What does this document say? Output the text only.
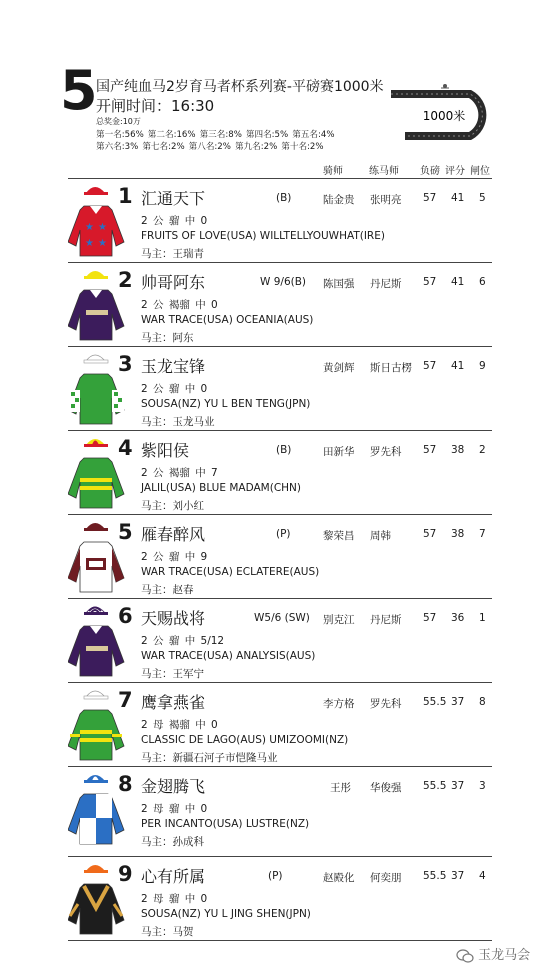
5
国产纯血马2岁育马者杯系列赛-平磅赛1000米
开闸时间：16:30
总奖金:10万
第一名:56% 第二名:16% 第三名:8% 第四名:5% 第五名:4%
第六名:3% 第七名:2% 第八名:2% 第九名:2% 第十名:2%
1000米
骑师	练马师 负磅 评分 闸位
★ ★
★ ★
1 汇通天下	(B)	陆金贵 张明亮 57 41 5
2 公 骝 中 0
FRUITS OF LOVE(USA) WILLTELLYOUWHAT(IRE)
马主：王瑞青
2 帅哥阿东	W 9/6(B) 陈国强 丹尼斯 57 41 6
2 公 褐骝 中 0
WAR TRACE(USA) OCEANIA(AUS)
马主：阿东
3 玉龙宝锋	黄剑辉 斯日古楞 57 41 9
2 公 骝 中 0
SOUSA(NZ) YU L BEN TENG(JPN)
马主：玉龙马业
4 紫阳侯	(B)	田新华 罗先科 57 38 2
2 公 褐骝 中 7
JALIL(USA) BLUE MADAM(CHN)
马主：刘小红
5 雁春醉风	(P)	黎荣昌 周韩	57 38 7
2 公 骝 中 9
WAR TRACE(USA) ECLATERE(AUS)
马主：赵春
6 天赐战将	W5/6 (SW) 别克江 丹尼斯 57 36 1
2 公 骝 中 5/12
WAR TRACE(USA) ANALYSIS(AUS)
马主：王军宁
7 鹰拿燕雀	李方格 罗先科 55.5 37 8
2 母 褐骝 中 0
CLASSIC DE LAGO(AUS) UMIZOOMI(NZ)
马主：新疆石河子市恺隆马业
8 金翅腾飞	王彤 华俊强 55.5 37 3
2 母 骝 中 0
PER INCANTO(USA) LUSTRE(NZ)
马主：孙成科
9 心有所属	(P)	赵殿化 何奕朋 55.5 37 4
2 母 骝 中 0
SOUSA(NZ) YU L JING SHEN(JPN)
马主：马贺
玉龙马会
